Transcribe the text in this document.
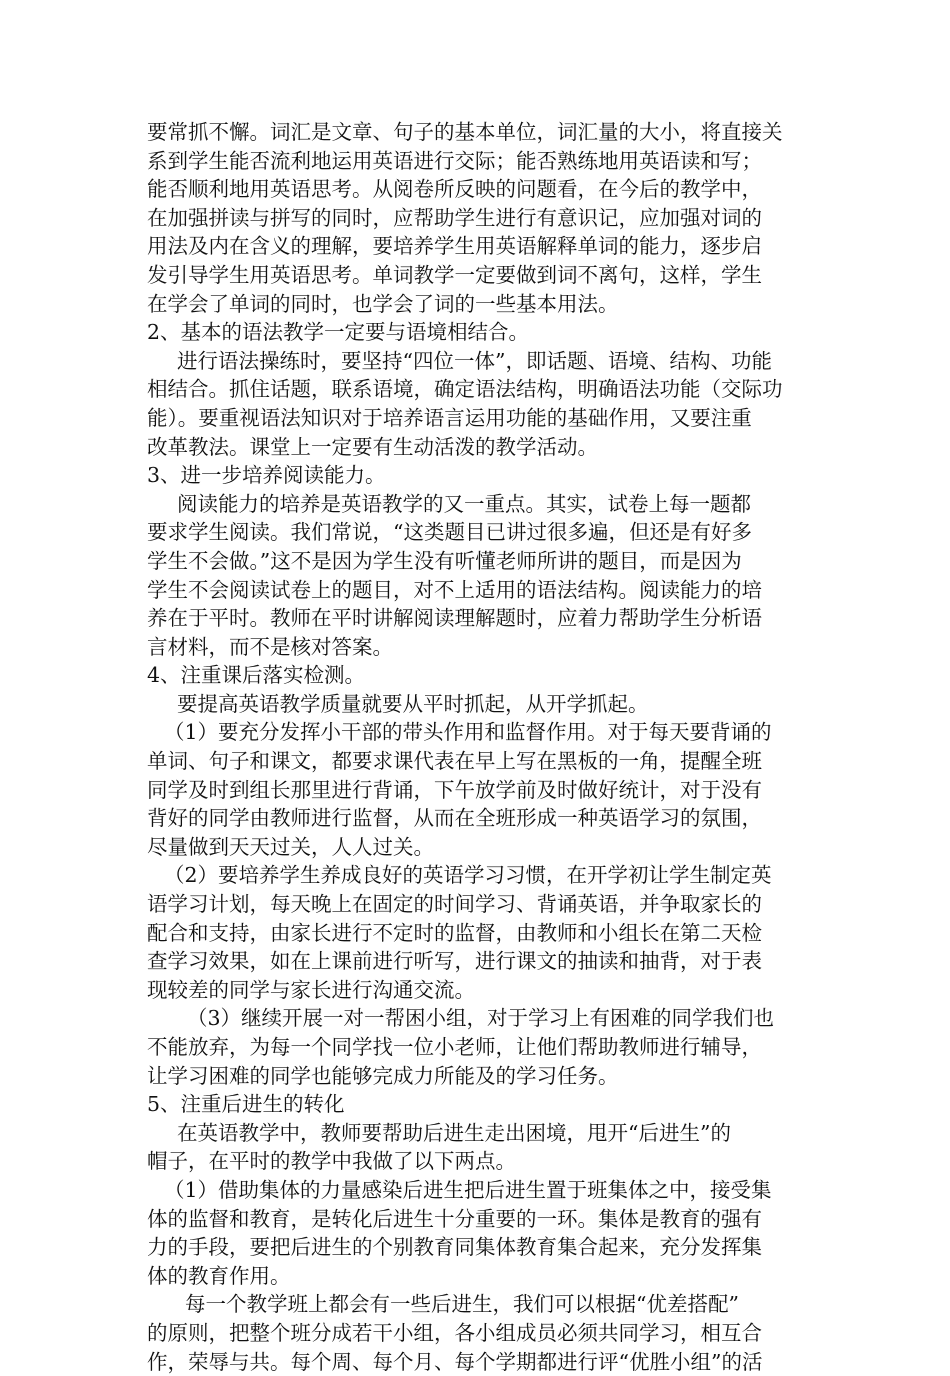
要常抓不懈。词汇是文章、句子的基本单位，词汇量的大小，将直接关
系到学生能否流利地运用英语进行交际；能否熟练地用英语读和写；
能否顺利地用英语思考。从阅卷所反映的问题看，在今后的教学中，
在加强拼读与拼写的同时，应帮助学生进行有意识记，应加强对词的
用法及内在含义的理解，要培养学生用英语解释单词的能力，逐步启
发引导学生用英语思考。单词教学一定要做到词不离句，这样，学生
在学会了单词的同时，也学会了词的一些基本用法。
2、基本的语法教学一定要与语境相结合。
进行语法操练时，要坚持“四位一体”，即话题、语境、结构、功能
相结合。抓住话题，联系语境，确定语法结构，明确语法功能（交际功
能）。要重视语法知识对于培养语言运用功能的基础作用，又要注重
改革教法。课堂上一定要有生动活泼的教学活动。
3、进一步培养阅读能力。
阅读能力的培养是英语教学的又一重点。其实，试卷上每一题都
要求学生阅读。我们常说，“这类题目已讲过很多遍，但还是有好多
学生不会做。”这不是因为学生没有听懂老师所讲的题目，而是因为
学生不会阅读试卷上的题目，对不上适用的语法结构。阅读能力的培
养在于平时。教师在平时讲解阅读理解题时，应着力帮助学生分析语
言材料，而不是核对答案。
4、注重课后落实检测。
要提高英语教学质量就要从平时抓起，从开学抓起。
（1）要充分发挥小干部的带头作用和监督作用。对于每天要背诵的
单词、句子和课文，都要求课代表在早上写在黑板的一角，提醒全班
同学及时到组长那里进行背诵，下午放学前及时做好统计，对于没有
背好的同学由教师进行监督，从而在全班形成一种英语学习的氛围，
尽量做到天天过关，人人过关。
（2）要培养学生养成良好的英语学习习惯，在开学初让学生制定英
语学习计划，每天晚上在固定的时间学习、背诵英语，并争取家长的
配合和支持，由家长进行不定时的监督，由教师和小组长在第二天检
查学习效果，如在上课前进行听写，进行课文的抽读和抽背，对于表
现较差的同学与家长进行沟通交流。
（3）继续开展一对一帮困小组，对于学习上有困难的同学我们也
不能放弃，为每一个同学找一位小老师，让他们帮助教师进行辅导，
让学习困难的同学也能够完成力所能及的学习任务。
5、注重后进生的转化
在英语教学中，教师要帮助后进生走出困境，甩开“后进生”的
帽子，在平时的教学中我做了以下两点。
（1）借助集体的力量感染后进生把后进生置于班集体之中，接受集
体的监督和教育，是转化后进生十分重要的一环。集体是教育的强有
力的手段，要把后进生的个别教育同集体教育集合起来，充分发挥集
体的教育作用。
每一个教学班上都会有一些后进生，我们可以根据“优差搭配”
的原则，把整个班分成若干小组，各小组成员必须共同学习，相互合
作，荣辱与共。每个周、每个月、每个学期都进行评“优胜小组”的活
